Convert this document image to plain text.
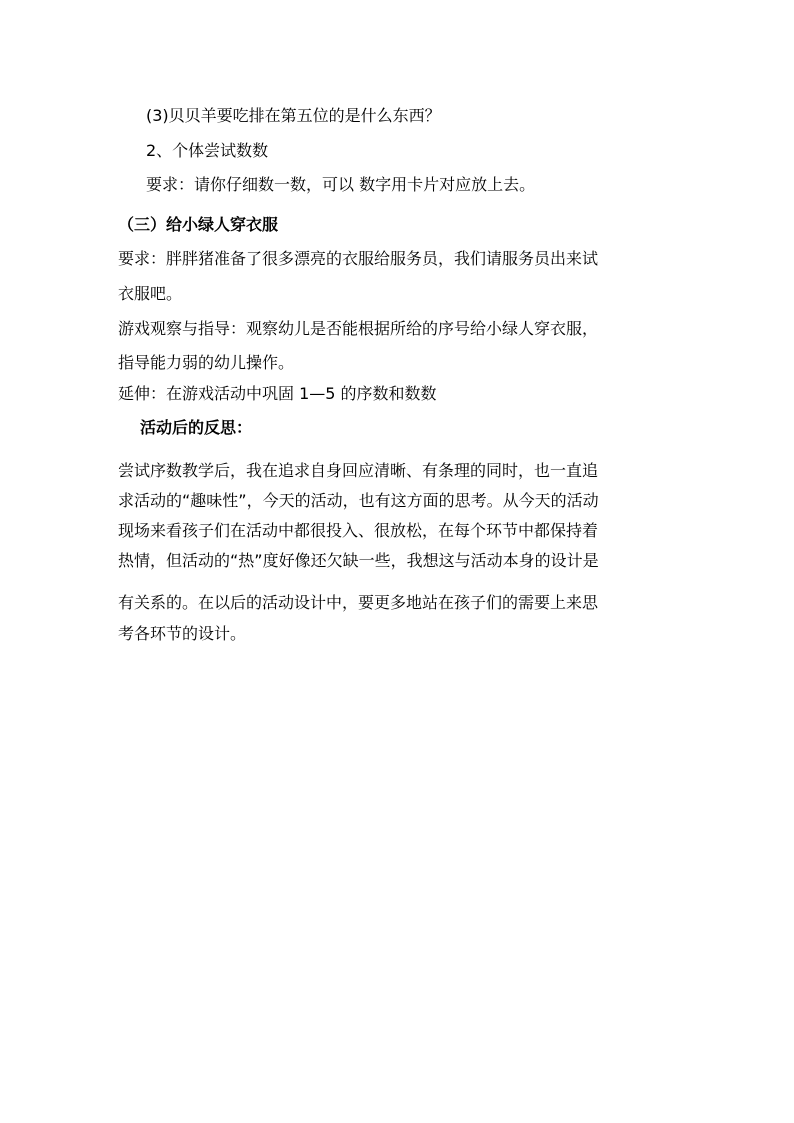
(3)贝贝羊要吃排在第五位的是什么东西？
2、个体尝试数数
要求：请你仔细数一数，可以 数字用卡片对应放上去。
（三）给小绿人穿衣服
要求：胖胖猪准备了很多漂亮的衣服给服务员，我们请服务员出来试
衣服吧。
游戏观察与指导：观察幼儿是否能根据所给的序号给小绿人穿衣服，
指导能力弱的幼儿操作。
延伸：在游戏活动中巩固 1—5 的序数和数数
活动后的反思：
尝试序数教学后，我在追求自身回应清晰、有条理的同时，也一直追
求活动的“趣味性”，今天的活动，也有这方面的思考。从今天的活动
现场来看孩子们在活动中都很投入、很放松，在每个环节中都保持着
热情，但活动的“热”度好像还欠缺一些，我想这与活动本身的设计是
有关系的。在以后的活动设计中，要更多地站在孩子们的需要上来思
考各环节的设计。
